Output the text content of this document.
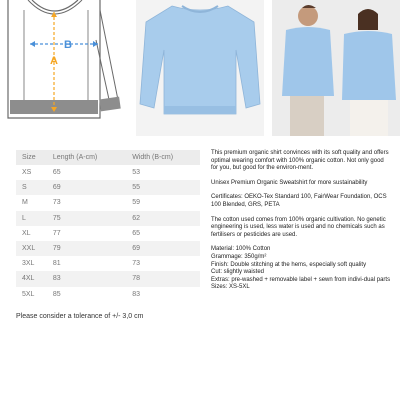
B
A
Size	Length (A-cm)	Width (B-cm)
XS	65	53
S	69	55
M	73	59
L	75	62
XL	77	65
XXL	79	69
3XL	81	73
4XL	83	78
5XL	85	83
Please consider a tolerance of +/- 3,0 cm

This premium organic shirt convinces with its soft quality and offers optimal wearing comfort with 100% organic cotton. Not only good for you, but good for the environ-ment.

Unisex Premium Organic Sweatshirt for more sustainability

Certificates: OEKO-Tex Standard 100, FairWear Foundation, OCS 100 Blended, GRS, PETA

The cotton used comes from 100% organic cultivation. No genetic engineering is used, less water is used and no chemicals such as fertilisers or pesticides are used.

Material: 100% Cotton

Grammage: 350g/m²

Finish: Double stitching at the hems, especially soft quality

Cut: slightly waisted

Extras: pre-washed + removable label + sewn from indivi-dual parts

Sizes: XS-5XL
